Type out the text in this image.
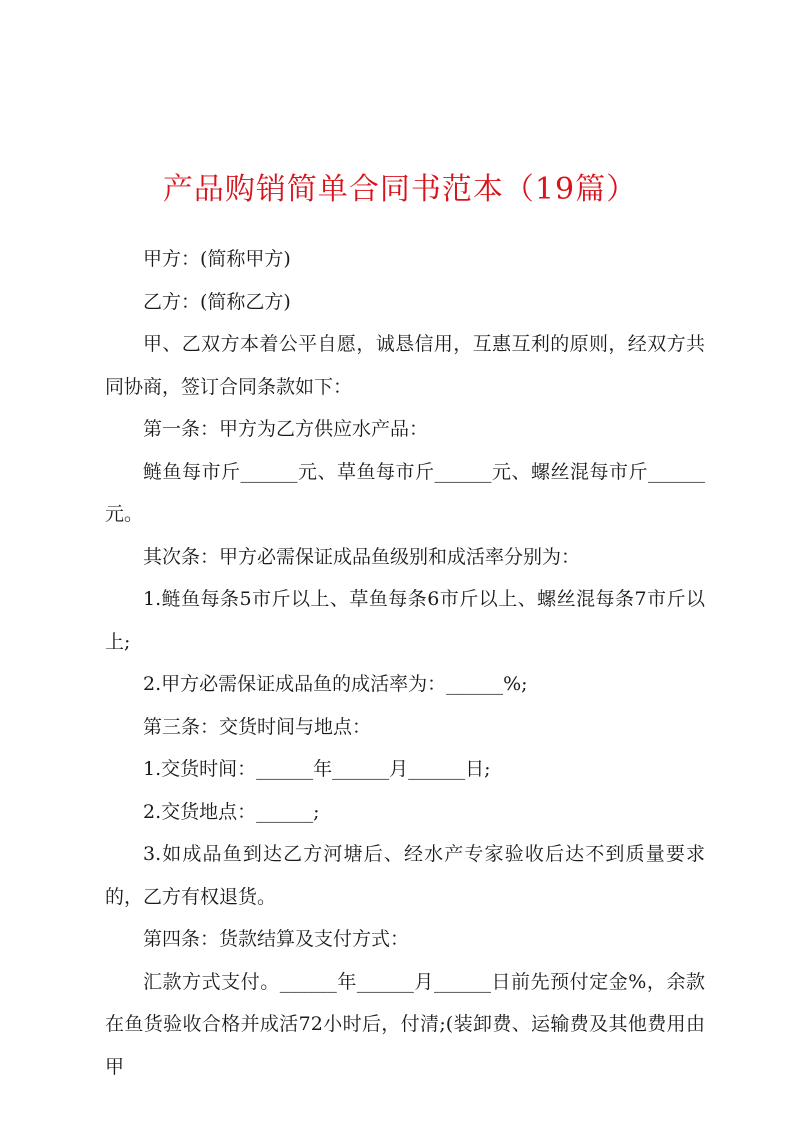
产品购销简单合同书范本（19篇）

甲方：(简称甲方)

乙方：(简称乙方)

甲、乙双方本着公平自愿，诚恳信用，互惠互利的原则，经双方共同协商，签订合同条款如下：

第一条：甲方为乙方供应水产品：

鲢鱼每市斤______元、草鱼每市斤______元、螺丝混每市斤______元。

其次条：甲方必需保证成品鱼级别和成活率分别为：

1.鲢鱼每条5市斤以上、草鱼每条6市斤以上、螺丝混每条7市斤以上;

2.甲方必需保证成品鱼的成活率为：______%;

第三条：交货时间与地点：

1.交货时间：______年______月______日;

2.交货地点：______;

3.如成品鱼到达乙方河塘后、经水产专家验收后达不到质量要求的，乙方有权退货。

第四条：货款结算及支付方式：

汇款方式支付。______年______月______日前先预付定金%，余款在鱼货验收合格并成活72小时后，付清;(装卸费、运输费及其他费用由甲
